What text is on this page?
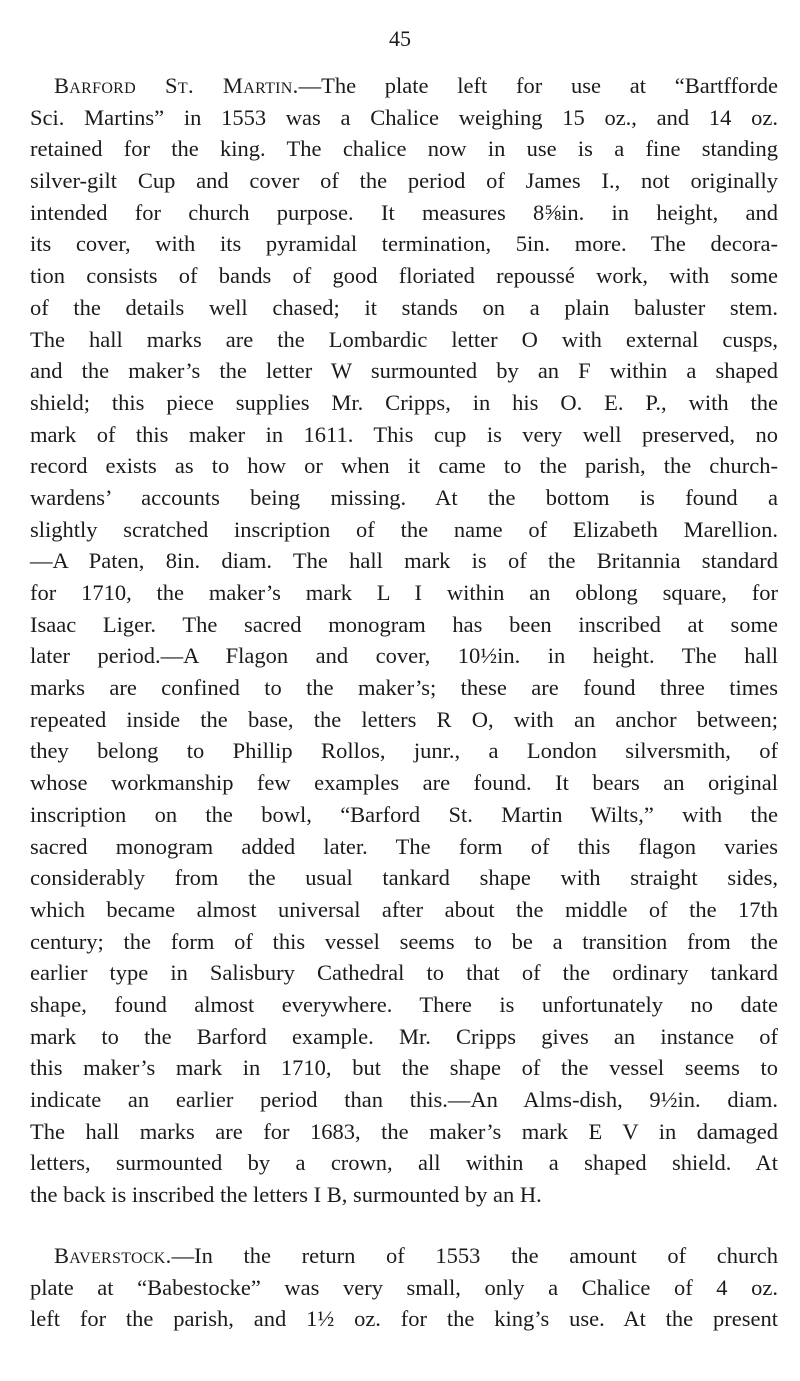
45
Barford St. Martin.—The plate left for use at “Bartfforde
Sci. Martins” in 1553 was a Chalice weighing 15 oz., and 14 oz.
retained for the king. The chalice now in use is a fine standing
silver-gilt Cup and cover of the period of James I., not originally
intended for church purpose. It measures 8⅝in. in height, and
its cover, with its pyramidal termination, 5in. more. The decora-
tion consists of bands of good floriated repoussé work, with some
of the details well chased; it stands on a plain baluster stem.
The hall marks are the Lombardic letter O with external cusps,
and the maker’s the letter W surmounted by an F within a shaped
shield; this piece supplies Mr. Cripps, in his O. E. P., with the
mark of this maker in 1611. This cup is very well preserved, no
record exists as to how or when it came to the parish, the church-
wardens’ accounts being missing. At the bottom is found a
slightly scratched inscription of the name of Elizabeth Marellion.
—A Paten, 8in. diam. The hall mark is of the Britannia standard
for 1710, the maker’s mark L I within an oblong square, for
Isaac Liger. The sacred monogram has been inscribed at some
later period.—A Flagon and cover, 10½in. in height. The hall
marks are confined to the maker’s; these are found three times
repeated inside the base, the letters R O, with an anchor between;
they belong to Phillip Rollos, junr., a London silversmith, of
whose workmanship few examples are found. It bears an original
inscription on the bowl, “Barford St. Martin Wilts,” with the
sacred monogram added later. The form of this flagon varies
considerably from the usual tankard shape with straight sides,
which became almost universal after about the middle of the 17th
century; the form of this vessel seems to be a transition from the
earlier type in Salisbury Cathedral to that of the ordinary tankard
shape, found almost everywhere. There is unfortunately no date
mark to the Barford example. Mr. Cripps gives an instance of
this maker’s mark in 1710, but the shape of the vessel seems to
indicate an earlier period than this.—An Alms-dish, 9½in. diam.
The hall marks are for 1683, the maker’s mark E V in damaged
letters, surmounted by a crown, all within a shaped shield. At
the back is inscribed the letters I B, surmounted by an H.
Baverstock.—In the return of 1553 the amount of church
plate at “Babestocke” was very small, only a Chalice of 4 oz.
left for the parish, and 1½ oz. for the king’s use. At the present
